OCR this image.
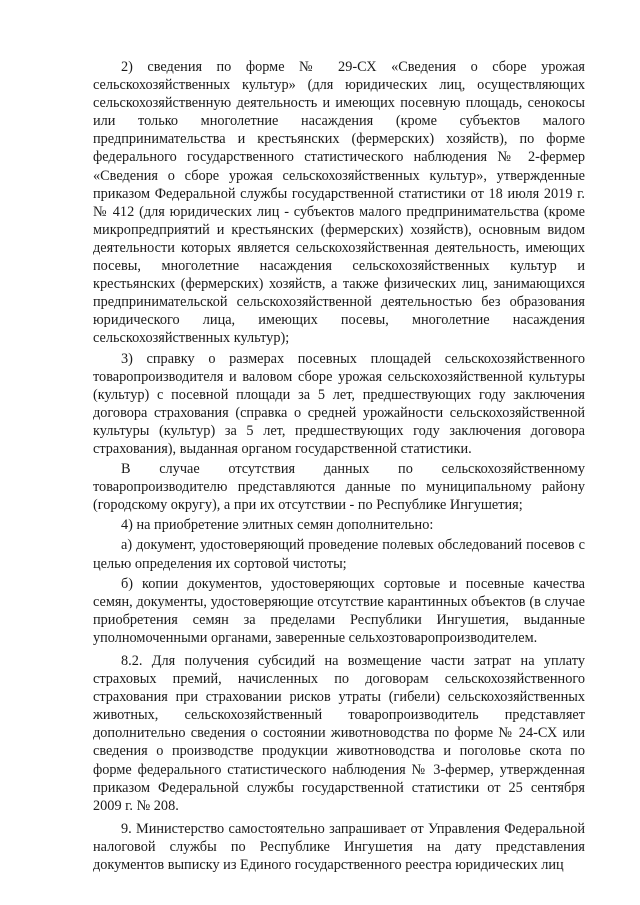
2) сведения по форме № 29-СХ «Сведения о сборе урожая сельскохозяйственных культур» (для юридических лиц, осуществляющих сельскохозяйственную деятельность и имеющих посевную площадь, сенокосы или только многолетние насаждения (кроме субъектов малого предпринимательства и крестьянских (фермерских) хозяйств), по форме федерального государственного статистического наблюдения № 2-фермер «Сведения о сборе урожая сельскохозяйственных культур», утвержденные приказом Федеральной службы государственной статистики от 18 июля 2019 г. № 412 (для юридических лиц - субъектов малого предпринимательства (кроме микропредприятий и крестьянских (фермерских) хозяйств), основным видом деятельности которых является сельскохозяйственная деятельность, имеющих посевы, многолетние насаждения сельскохозяйственных культур и крестьянских (фермерских) хозяйств, а также физических лиц, занимающихся предпринимательской сельскохозяйственной деятельностью без образования юридического лица, имеющих посевы, многолетние насаждения сельскохозяйственных культур);

3) справку о размерах посевных площадей сельскохозяйственного товаропроизводителя и валовом сборе урожая сельскохозяйственной культуры (культур) с посевной площади за 5 лет, предшествующих году заключения договора страхования (справка о средней урожайности сельскохозяйственной культуры (культур) за 5 лет, предшествующих году заключения договора страхования), выданная органом государственной статистики.

В случае отсутствия данных по сельскохозяйственному товаропроизводителю представляются данные по муниципальному району (городскому округу), а при их отсутствии - по Республике Ингушетия;

4) на приобретение элитных семян дополнительно:

а) документ, удостоверяющий проведение полевых обследований посевов с целью определения их сортовой чистоты;

б) копии документов, удостоверяющих сортовые и посевные качества семян, документы, удостоверяющие отсутствие карантинных объектов (в случае приобретения семян за пределами Республики Ингушетия, выданные уполномоченными органами, заверенные сельхозтоваропроизводителем.

8.2. Для получения субсидий на возмещение части затрат на уплату страховых премий, начисленных по договорам сельскохозяйственного страхования при страховании рисков утраты (гибели) сельскохозяйственных животных, сельскохозяйственный товаропроизводитель представляет дополнительно сведения о состоянии животноводства по форме № 24-СХ или сведения о производстве продукции животноводства и поголовье скота по форме федерального статистического наблюдения № 3-фермер, утвержденная приказом Федеральной службы государственной статистики от 25 сентября 2009 г. № 208.

9. Министерство самостоятельно запрашивает от Управления Федеральной налоговой службы по Республике Ингушетия на дату представления документов выписку из Единого государственного реестра юридических лиц
